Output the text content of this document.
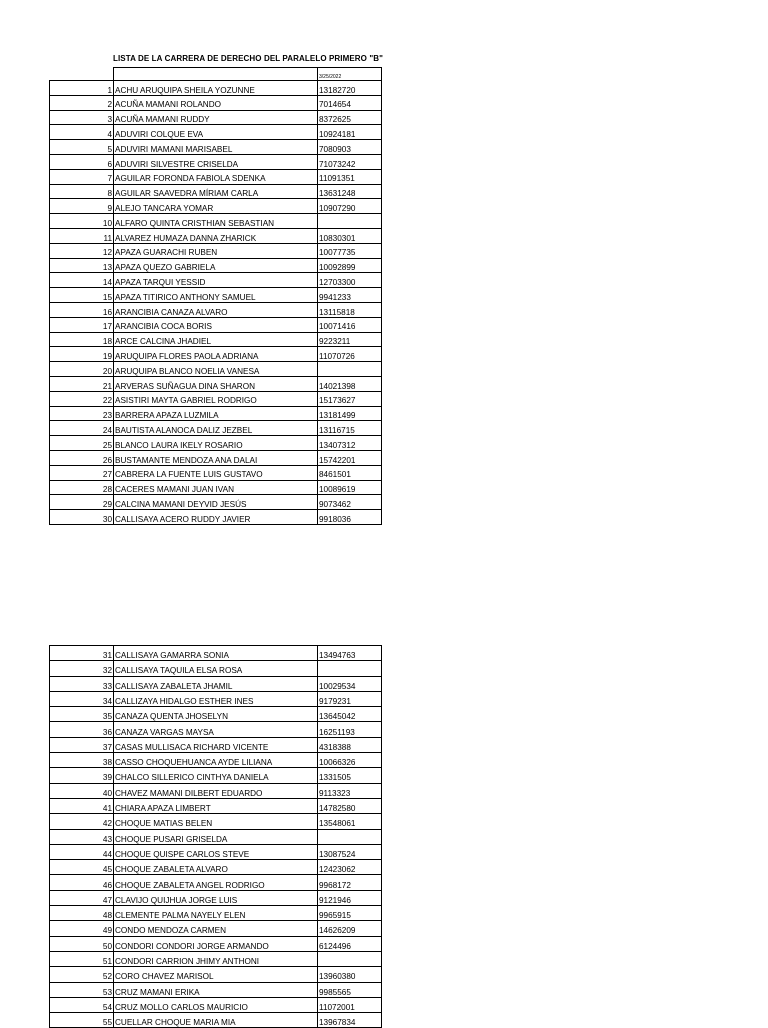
LISTA DE LA CARRERA DE DERECHO DEL PARALELO PRIMERO "B"
		3/25/2022
1	ACHU ARUQUIPA SHEILA YOZUNNE	13182720
2	ACUÑA MAMANI ROLANDO	7014654
3	ACUÑA MAMANI RUDDY	8372625
4	ADUVIRI COLQUE EVA	10924181
5	ADUVIRI MAMANI MARISABEL	7080903
6	ADUVIRI SILVESTRE CRISELDA	71073242
7	AGUILAR FORONDA FABIOLA SDENKA	11091351
8	AGUILAR SAAVEDRA MÍRIAM CARLA	13631248
9	ALEJO TANCARA YOMAR	10907290
10	ALFARO QUINTA CRISTHIAN SEBASTIAN	
11	ALVAREZ HUMAZA DANNA ZHARICK	10830301
12	APAZA GUARACHI RUBEN	10077735
13	APAZA QUEZO GABRIELA	10092899
14	APAZA TARQUI YESSID	12703300
15	APAZA TITIRICO ANTHONY SAMUEL	9941233
16	ARANCIBIA CANAZA ALVARO	13115818
17	ARANCIBIA COCA BORIS	10071416
18	ARCE CALCINA JHADIEL	9223211
19	ARUQUIPA FLORES PAOLA ADRIANA	11070726
20	ARUQUIPA BLANCO NOELIA VANESA	
21	ARVERAS SUÑAGUA DINA SHARON	14021398
22	ASISTIRI MAYTA GABRIEL RODRIGO	15173627
23	BARRERA APAZA LUZMILA	13181499
24	BAUTISTA ALANOCA DALIZ JEZBEL	13116715
25	BLANCO LAURA IKELY ROSARIO	13407312
26	BUSTAMANTE MENDOZA ANA DALAI	15742201
27	CABRERA LA FUENTE LUIS GUSTAVO	8461501
28	CACERES MAMANI JUAN IVAN	10089619
29	CALCINA MAMANI DEYVID JESÚS	9073462
30	CALLISAYA ACERO RUDDY JAVIER	9918036
31	CALLISAYA GAMARRA SONIA	13494763
32	CALLISAYA TAQUILA ELSA ROSA	
33	CALLISAYA ZABALETA JHAMIL	10029534
34	CALLIZAYA HIDALGO ESTHER INES	9179231
35	CANAZA QUENTA JHOSELYN	13645042
36	CANAZA VARGAS MAYSA	16251193
37	CASAS MULLISACA RICHARD VICENTE	4318388
38	CASSO CHOQUEHUANCA AYDE LILIANA	10066326
39	CHALCO SILLERICO CINTHYA DANIELA	1331505
40	CHAVEZ MAMANI DILBERT EDUARDO	9113323
41	CHIARA APAZA LIMBERT	14782580
42	CHOQUE MATIAS BELEN	13548061
43	CHOQUE PUSARI GRISELDA	
44	CHOQUE QUISPE CARLOS STEVE	13087524
45	CHOQUE ZABALETA ALVARO	12423062
46	CHOQUE ZABALETA ANGEL RODRIGO	9968172
47	CLAVIJO QUIJHUA JORGE LUIS	9121946
48	CLEMENTE PALMA NAYELY ELEN	9965915
49	CONDO MENDOZA CARMEN	14626209
50	CONDORI CONDORI JORGE ARMANDO	6124496
51	CONDORI CARRION JHIMY ANTHONI	
52	CORO CHAVEZ MARISOL	13960380
53	CRUZ MAMANI ERIKA	9985565
54	CRUZ MOLLO CARLOS MAURICIO	11072001
55	CUELLAR CHOQUE MARIA MIA	13967834
